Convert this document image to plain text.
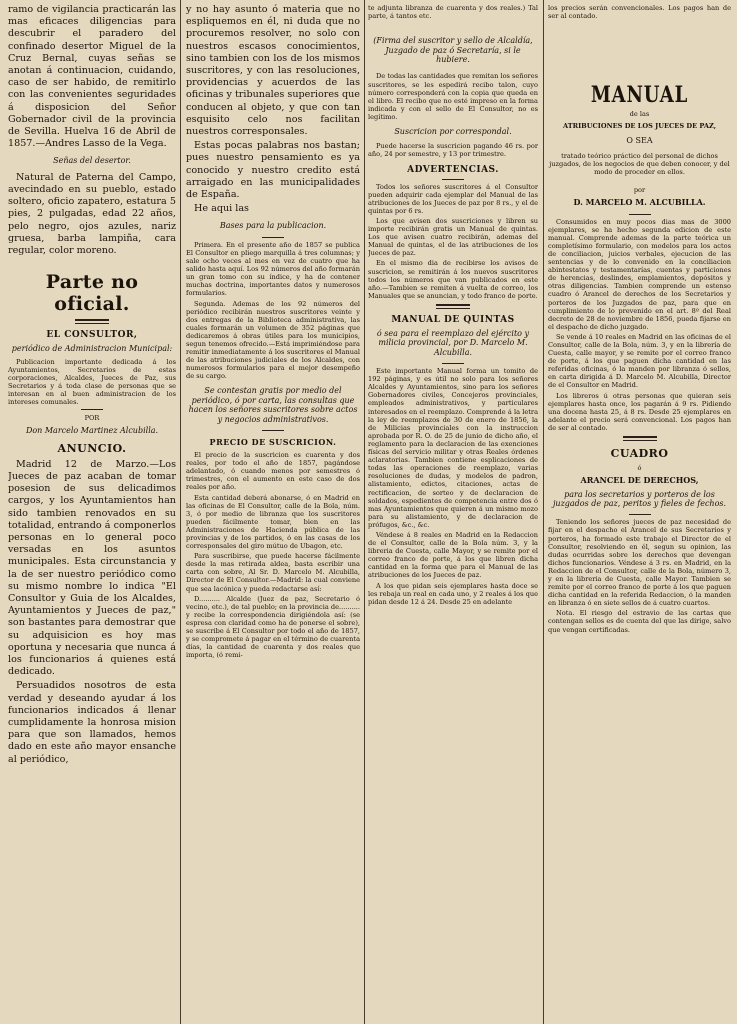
ramo de vigilancia practicarán las mas eficaces diligencias para descubrir el paradero del confinado desertor Miguel de la Cruz Bernal, cuyas señas se anotan á continuacion, cuidando, caso de ser habido, de remitirlo con las convenientes seguridades á disposicion del Señor Gobernador civil de la provincia de Sevilla. Huelva 16 de Abril de 1857.—Andres Lasso de la Vega.

Señas del desertor.

Natural de Paterna del Campo, avecindado en su pueblo, estado soltero, oficio zapatero, estatura 5 pies, 2 pulgadas, edad 22 años, pelo negro, ojos azules, nariz gruesa, barba lampiña, cara regular, color moreno.

Parte no oficial.
EL CONSULTOR,

periódico de Administracion Municipal:

Publicacion importante dedicada á los Ayuntamientos, Secretarios de estas corporaciones, Alcaldes, Jueces de Paz, sus Secretarios y á toda clase de personas que se interesan en al buen administracion de los intereses comunales.

POR

Don Marcelo Martinez Alcubilla.

ANUNCIO.

Madrid 12 de Marzo.—Los Jueces de paz acaban de tomar posesion de sus delicadimos cargos, y los Ayuntamientos han sido tambien renovados en su totalidad, entrando á componerlos personas en lo general poco versadas en los asuntos municipales. Esta circunstancia y la de ser nuestro periódico como su mismo nombre lo indica "El Consultor y Guia de los Alcaldes, Ayuntamientos y Jueces de paz," son bastantes para demostrar que su adquisicion es hoy mas oportuna y necesaria que nunca á los funcionarios á quienes está dedicado.

Persuadidos nosotros de esta verdad y deseando ayudar á los funcionarios indicados á llenar cumplidamente la honrosa mision para que son llamados, hemos dado en este año mayor ensanche al periódico,

y no hay asunto ó materia que no espliquemos en él, ni duda que no procuremos resolver, no solo con nuestros escasos conocimientos, sino tambien con los de los mismos suscritores, y con las resoluciones, providencias y acuerdos de las oficinas y tribunales superiores que conducen al objeto, y que con tan esquisito celo nos facilitan nuestros corresponsales.

Estas pocas palabras nos bastan; pues nuestro pensamiento es ya conocido y nuestro credito está arraigado en las municipalidades de España.

He aqui las

Bases para la publicacion.

Primera. En el presente año de 1857 se publica El Consultor en pliego marquilla á tres columnas; y sale ocho veces al mes en vez de cuatro que ha salido hasta aquí. Los 92 números del año formarán un gran tomo con su índice, y ha de contener muchas doctrina, importantes datos y numerosos formularios.

Segunda. Ademas de los 92 números del periódico recibirán nuestros suscritores veinte y dos entregas de la Biblioteca administrativa, las cuales formarán un volumen de 352 páginas que dedicaremos á obras útiles para los municipios, segun tenemos ofrecido.—Está imprimiéndose para remitir inmediatamente á los suscritores el Manual de las atribuciones judiciales de los Alcaldes, con numerosos formularios para el mejor desempeño de su cargo.

Se contestan gratis por medio del periódico, ó por carta, las consultas que hacen los señores suscritores sobre actos y negocios administrativos.

PRECIO DE SUSCRICION.

El precio de la suscricion es cuarenta y dos reales, por todo el año de 1857, pagándose adelantado, ó cuando menos por semestres ó trimestres, con el aumento en este caso de dos reales por año.

Esta cantidad deberá abonarse, ó en Madrid en las oficinas de El Consultor, calle de la Bola, núm. 3, ó por medio de libranza que los suscritores pueden fácilmente tomar, bien en las Administraciones de Hacienda pública de las provincias y de los partidos, ó en las casas de los corresponsales del giro mútuo de Ubagon, etc.

Para suscribirse, que puede hacerse fácilmente desde la mas retirada aldea, basta escribir una carta con sobre, Al Sr. D. Marcelo M. Alcubilla, Director de El Consultor.—Madrid: la cual conviene que sea lacónica y pueda redactarse así:

D.......... Alcalde (Juez de paz, Secretario ó vecino, etc.), de tal pueblo; en la provincia de.......... y recibe la correspondencia dirigiéndola así: (se espresa con claridad como ha de ponerse el sobre), se suscribe á El Consultor por todo el año de 1857, y se compromete á pagar en el término de cuarenta días, la cantidad de cuarenta y dos reales que importa, (ó remi-

te adjunta libranza de cuarenta y dos reales.) Tal parte, á tantos etc.

(Firma del suscritor y sello de Alcaldía, Juzgado de paz ó Secretaría, si le hubiere.

De todas las cantidades que remitan los señores suscritores, se les espedirá recibo talon, cuyo número corresponderá con la copia que queda en el libro. El recibo que no esté impreso en la forma indicada y con el sello de El Consultor, no es legítimo.

Suscricion por correspondal.

Puede hacerse la suscricion pagando 46 rs. por año, 24 por semestre, y 13 por trimestre.

ADVERTENCIAS.

Todos los señores suscritores á el Consultor pueden adquirir cada ejemplar del Manual de las atribuciones de los Jueces de paz por 8 rs., y el de quintas por 6 rs.

Los que avisen dos suscriciones y libren su importe recibirán gratis un Manual de quintas. Los que avisen cuatro recibirán, ademas del Manual de quintas, el de las atribuciones de los Jueces de paz.

En el mismo dia de recibirse los avisos de suscricion, se remitirán á los nuevos suscritores todos los números que van publicados en este año.—Tambien se remiten á vuelta de correo, los Manuales que se anuncian, y todo franco de porte.

MANUAL DE QUINTAS

ó sea para el reemplazo del ejército y milicia provincial, por D. Marcelo M. Alcubilla.

Este importante Manual forma un tomito de 192 páginas, y es útil no solo para los señores Alcaldes y Ayuntamientos, sino para los señores Gobernadores civiles, Concejeros provinciales, empleados administrativos, y particulares interesados en el reemplazo. Comprende á la letra la ley de reemplazos de 30 de enero de 1856, la de Milicias provinciales con la instruccion aprobada por R. O. de 25 de junio de dicho año, el reglamento para la declaracion de las exenciones físicas del servicio militar y otras Reales órdenes aclaratorias. Tambien contiene esplicaciones de todas las operaciones de reemplazo, varias resoluciones de dudas, y modelos de padron, alistamiento, edictos, citaciones, actas de rectificacion, de sorteo y de declaracion de soldados, espedientes de competencia entre dos ó mas Ayuntamientos que quieren á un mismo mozo para su alistamiento, y de declaracion de prófugos, &c., &c.

Véndese á 8 reales en Madrid en la Redaccion de el Consultor, calle de la Bola núm. 3, y la libreria de Cuesta, calle Mayor, y se remite por el correo franco de porte, á los que libren dicha cantidad en la forma que para el Manual de las atribuciones de los Jueces de paz.

A los que pidan seis ejemplares hasta doce se les rebaja un real en cada uno, y 2 reales á los que pidan desde 12 á 24. Desde 25 en adelante

los precios serán convencionales. Los pagos han de ser al contado.

MANUAL

de las

ATRIBUCIONES DE LOS JUECES DE PAZ,

O SEA

tratado teórico práctico del personal de dichos juzgados, de los negocios de que deben conocer, y del modo de proceder en ellos.

por

D. MARCELO M. ALCUBILLA.

Consumidos en muy pocos dias mas de 3000 ejemplares, se ha hecho segunda edicion de este manual. Comprende ademas de la parte teórica un completísimo formulario, con modelos para los actos de conciliacion, juicios verbales, ejecucion de las sentencias y de lo convenido en la conciliacion abintestatos y testamentarías, cuentas y particiones de herencias, deslindes, emplamientos, depósitos y otras diligencias. Tambien comprende un estenso cuadro ó Arancel de derechos de los Secretarios y porteros de los Juzgados de paz, para que en cumplimiento de lo prevenido en el art. 8º del Real decreto de 28 de noviembre de 1856, pueda fijarse en el despacho de dicho juzgado.

Se vende á 10 reales en Madrid en las oficinas de el Consultor, calle de la Bola, núm. 3, y en la librería de Cuesta, calle mayor, y se remite por el correo franco de porte, á los que paguen dicha cantidad en las referidas oficinas, ó la manden por libranza ó sellos, en carta dirigida á D. Marcelo M. Alcubilla, Director de el Consultor en Madrid.

Los libreros ú otras personas que quieran seis ejemplares hasta once, los pagarán á 9 rs. Pidiendo una docena hasta 25, á 8 rs. Desde 25 ejemplares en adelante el precio será convencional. Los pagos han de ser al contado.

CUADRO

ó

ARANCEL DE DERECHOS,

para los secretarios y porteros de los juzgados de paz, peritos y fieles de fechos.

Teniendo los señores jueces de paz necesidad de fijar en el despacho el Arancel de sus Secretarios y porteros, ha formado este trabajo el Director de el Consultor, resolviendo en él, segun su opinion, las dudas ocurridas sobre los derechos que devengan dichos funcionarios. Véndese á 3 rs. en Madrid, en la Redaccion de el Consultor, calle de la Bola, número 3, y en la libreria de Cuesta, calle Mayor. Tambien se remite por el correo franco de porte á los que paguen dicha cantidad en la referida Redaccion, ó la manden en libranza ó en siete sellos de á cuatro cuartos.

Nota. El riesgo del estravio de las cartas que contengan sellos es de cuenta del que las dirige, salvo que vengan certificadas.
